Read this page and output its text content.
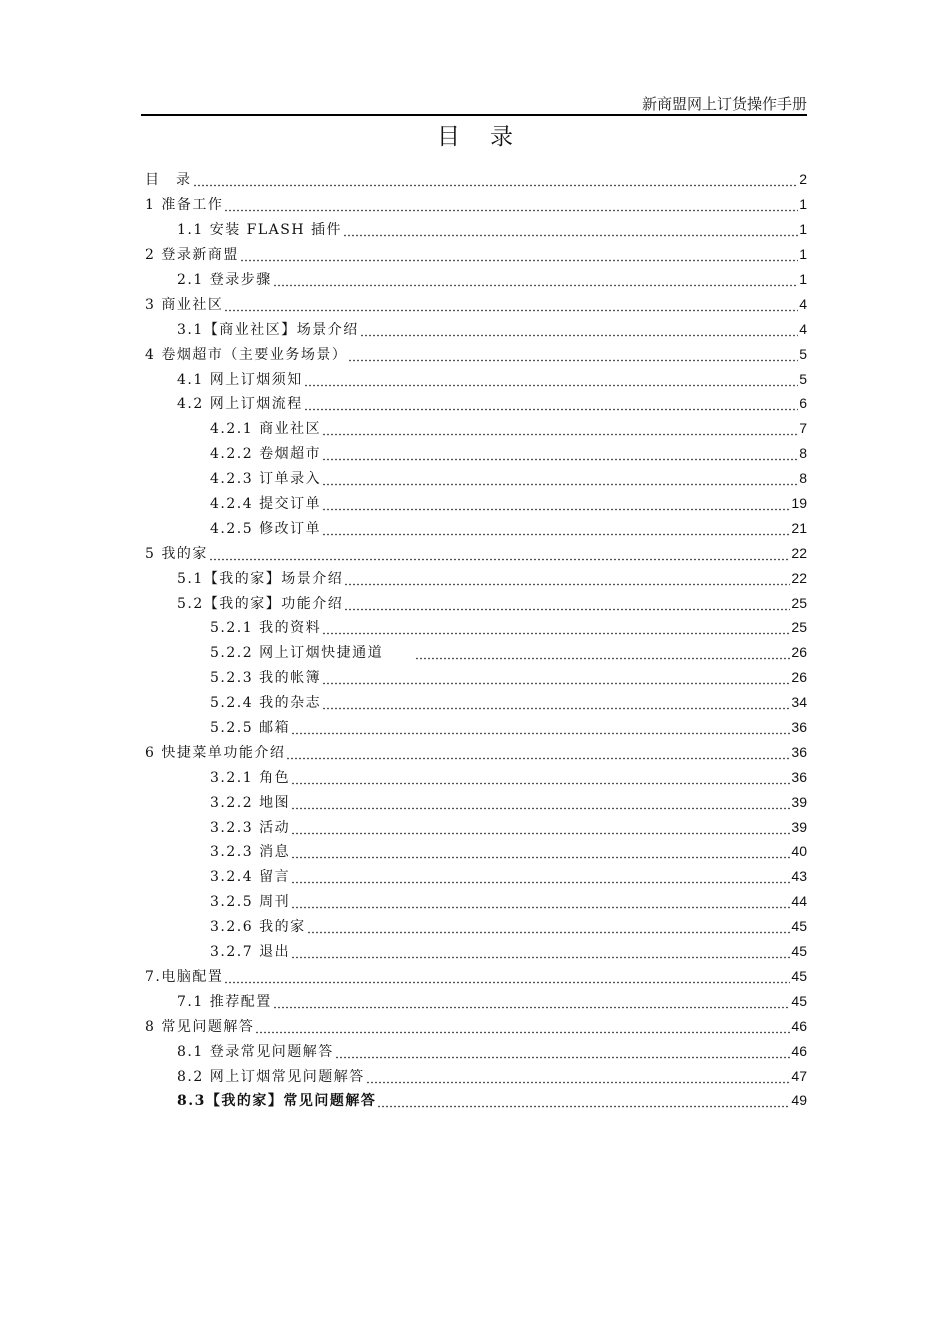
新商盟网上订货操作手册
目录
目　录	2
1 准备工作	1
1.1 安装 FLASH 插件	1
2 登录新商盟	1
2.1 登录步骤	1
3 商业社区	4
3.1【商业社区】场景介绍	4
4 卷烟超市（主要业务场景）	5
4.1 网上订烟须知	5
4.2 网上订烟流程	6
4.2.1 商业社区	7
4.2.2 卷烟超市	8
4.2.3 订单录入	8
4.2.4 提交订单	19
4.2.5 修改订单	21
5 我的家	22
5.1【我的家】场景介绍	22
5.2【我的家】功能介绍	25
5.2.1 我的资料	25
5.2.2 网上订烟快捷通道　　	26
5.2.3 我的帐簿	26
5.2.4 我的杂志	34
5.2.5 邮箱	36
6 快捷菜单功能介绍	36
3.2.1 角色	36
3.2.2 地图	39
3.2.3 活动	39
3.2.3 消息	40
3.2.4 留言	43
3.2.5 周刊	44
3.2.6 我的家	45
3.2.7 退出	45
7.电脑配置	45
7.1 推荐配置	45
8 常见问题解答	46
8.1 登录常见问题解答	46
8.2 网上订烟常见问题解答	47
8.3【我的家】常见问题解答	49
